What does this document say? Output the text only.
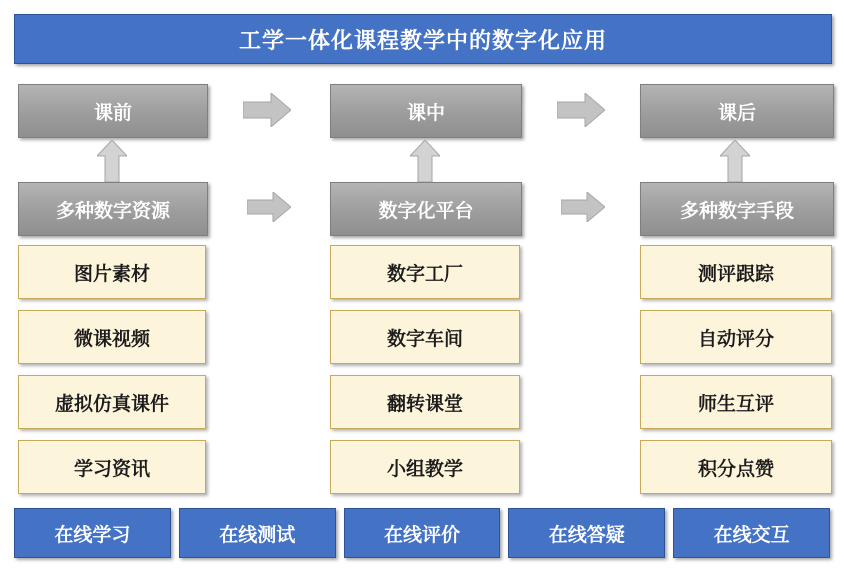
工学一体化课程教学中的数字化应用
课前	课中	课后
多种数字资源	数字化平台	多种数字手段
图片素材
微课视频
虚拟仿真课件
学习资讯
数字工厂
数字车间
翻转课堂
小组教学
测评跟踪
自动评分
师生互评
积分点赞
在线学习	在线测试	在线评价	在线答疑	在线交互
